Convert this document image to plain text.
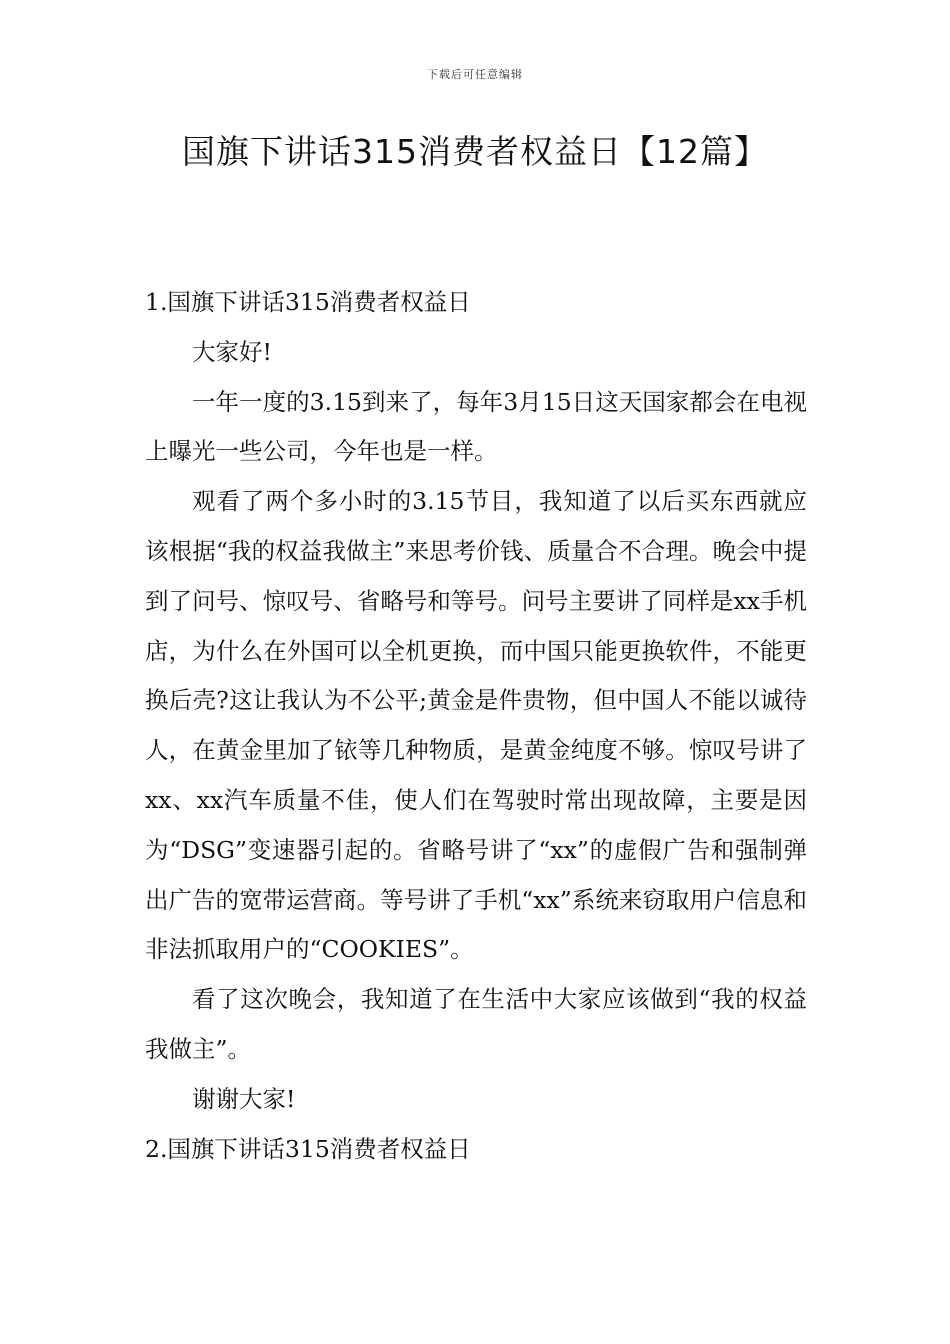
下载后可任意编辑
国旗下讲话315消费者权益日【12篇】

1.国旗下讲话315消费者权益日

大家好!

一年一度的3.15到来了，每年3月15日这天国家都会在电视上曝光一些公司，今年也是一样。

观看了两个多小时的3.15节目，我知道了以后买东西就应该根据“我的权益我做主”来思考价钱、质量合不合理。晚会中提到了问号、惊叹号、省略号和等号。问号主要讲了同样是xx手机店，为什么在外国可以全机更换，而中国只能更换软件，不能更换后壳?这让我认为不公平;黄金是件贵物，但中国人不能以诚待人，在黄金里加了铱等几种物质，是黄金纯度不够。惊叹号讲了xx、xx汽车质量不佳，使人们在驾驶时常出现故障，主要是因为“DSG”变速器引起的。省略号讲了“xx”的虚假广告和强制弹出广告的宽带运营商。等号讲了手机“xx”系统来窃取用户信息和非法抓取用户的“COOKIES”。

看了这次晚会，我知道了在生活中大家应该做到“我的权益我做主”。

谢谢大家!

2.国旗下讲话315消费者权益日
